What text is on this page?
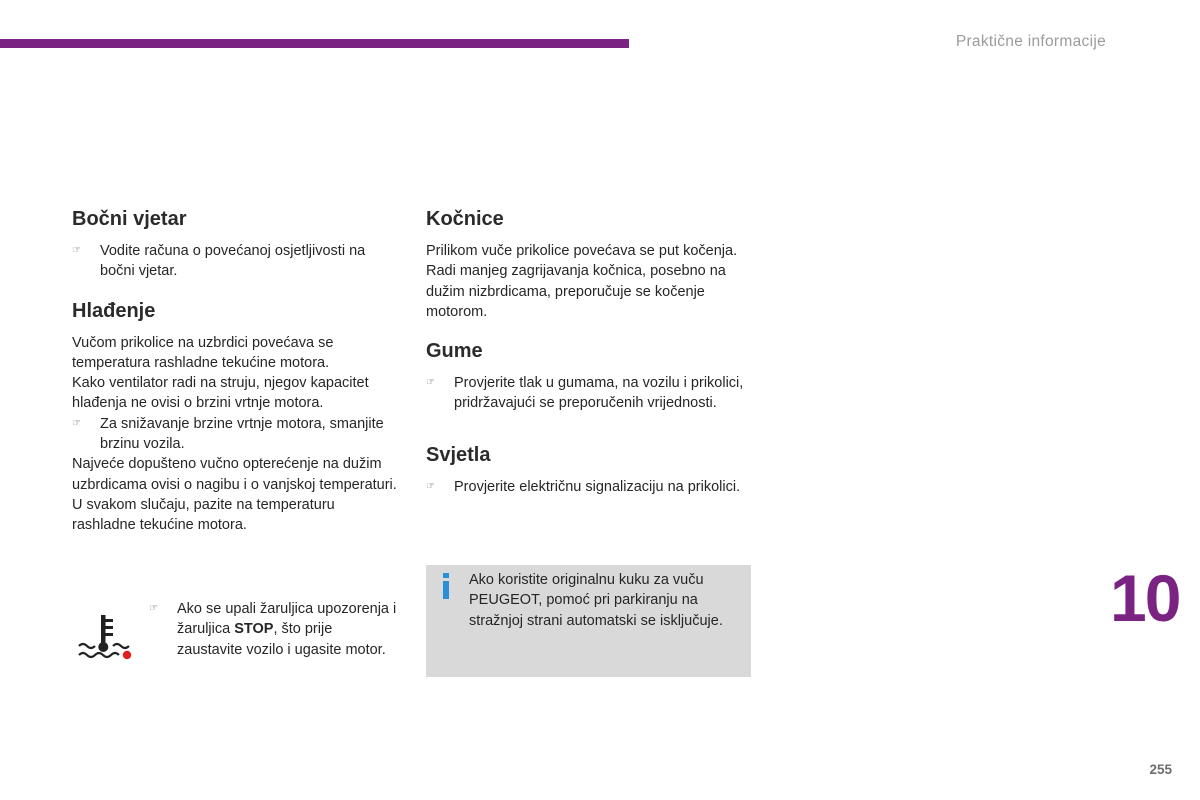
Praktične informacije
Bočni vjetar
☞ Vodite računa o povećanoj osjetljivosti na bočni vjetar.
Hlađenje

Vučom prikolice na uzbrdici povećava se temperatura rashladne tekućine motora.

Kako ventilator radi na struju, njegov kapacitet hlađenja ne ovisi o brzini vrtnje motora.

☞ Za snižavanje brzine vrtnje motora, smanjite brzinu vozila.

Najveće dopušteno vučno opterećenje na dužim uzbrdicama ovisi o nagibu i o vanjskoj temperaturi.

U svakom slučaju, pazite na temperaturu rashladne tekućine motora.

☞ Ako se upali žaruljica upozorenja i žaruljica STOP, što prije zaustavite vozilo i ugasite motor.
Kočnice

Prilikom vuče prikolice povećava se put kočenja.

Radi manjeg zagrijavanja kočnica, posebno na dužim nizbrdicama, preporučuje se kočenje motorom.

Gume
☞ Provjerite tlak u gumama, na vozilu i prikolici, pridržavajući se preporučenih vrijednosti.
Svjetla
☞ Provjerite električnu signalizaciju na prikolici.

Ako koristite originalnu kuku za vuču PEUGEOT, pomoć pri parkiranju na stražnjoj strani automatski se isključuje.	10
255
